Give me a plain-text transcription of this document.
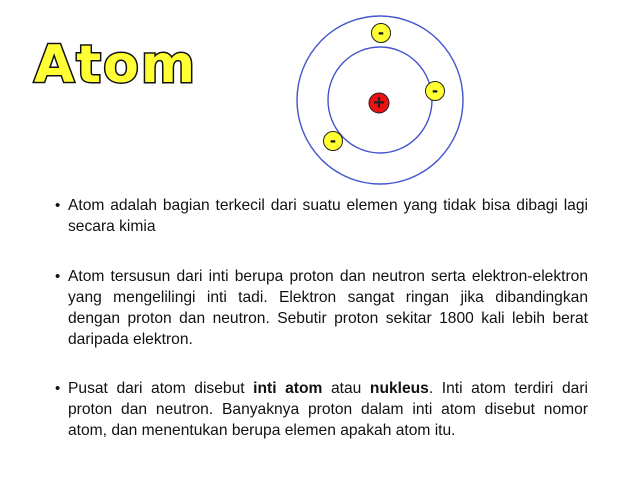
Atom
+
-
-
-
• Atom adalah bagian terkecil dari suatu elemen yang tidak bisa dibagi lagi secara kimia
• Atom tersusun dari inti berupa proton dan neutron serta elektron-elektron yang mengelilingi inti tadi. Elektron sangat ringan jika dibandingkan dengan proton dan neutron. Sebutir proton sekitar 1800 kali lebih berat daripada elektron.
• Pusat dari atom disebut inti atom atau nukleus. Inti atom terdiri dari proton dan neutron. Banyaknya proton dalam inti atom disebut nomor atom, dan menentukan berupa elemen apakah atom itu.
